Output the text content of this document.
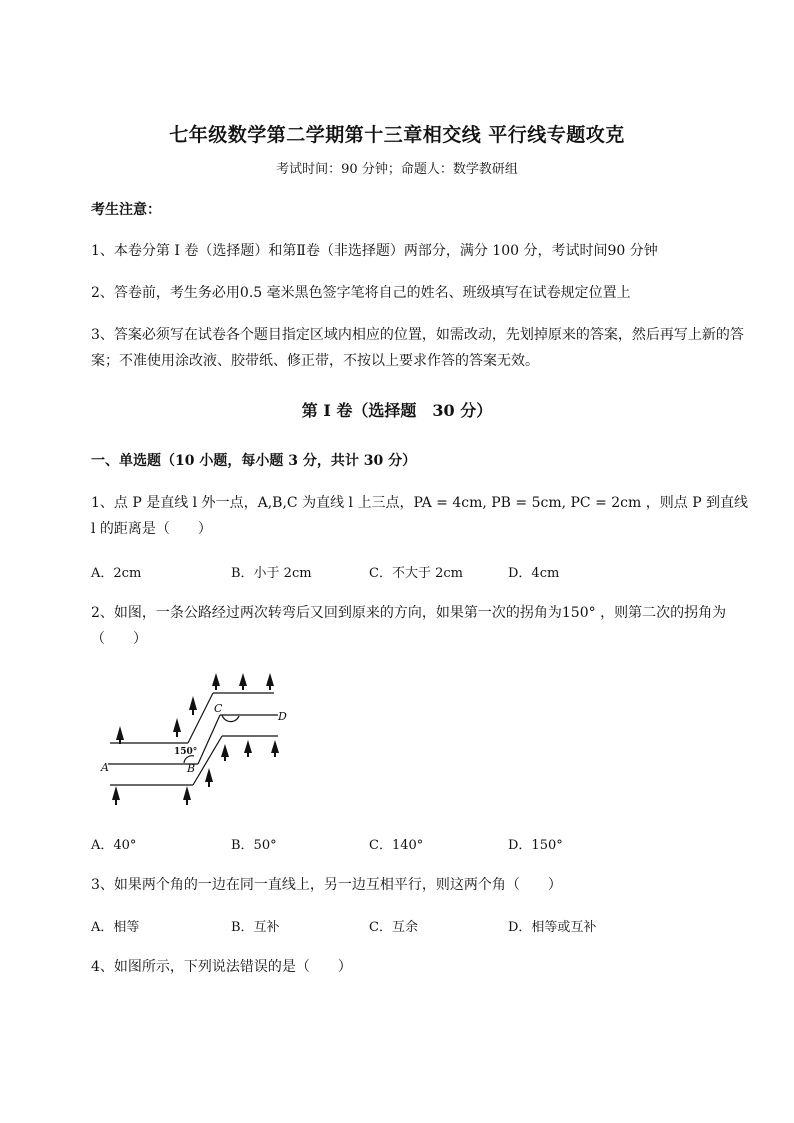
七年级数学第二学期第十三章相交线 平行线专题攻克
考试时间：90 分钟；命题人：数学教研组
考生注意：
1、本卷分第 I 卷（选择题）和第Ⅱ卷（非选择题）两部分，满分 100 分，考试时间90 分钟
2、答卷前，考生务必用0.5 毫米黑色签字笔将自己的姓名、班级填写在试卷规定位置上
3、答案必须写在试卷各个题目指定区域内相应的位置，如需改动，先划掉原来的答案，然后再写上新的答案；不准使用涂改液、胶带纸、修正带，不按以上要求作答的答案无效。
第 I 卷（选择题　30 分）
一、单选题（10 小题，每小题 3 分，共计 30 分）
1、点 P 是直线 l 外一点，A,B,C 为直线 l 上三点，PA = 4cm, PB = 5cm, PC = 2cm ，则点 P 到直线 l 的距离是（　　）
A．2cm	B．小于 2cm	C．不大于 2cm	D．4cm
2、如图，一条公路经过两次转弯后又回到原来的方向，如果第一次的拐角为150° ，则第二次的拐角为（　　）
A	B
C
D
150°
A．40°	B．50°	C．140°	D．150°
3、如果两个角的一边在同一直线上，另一边互相平行，则这两个角（　　）
A．相等	B．互补	C．互余	D．相等或互补
4、如图所示，下列说法错误的是（　　）
